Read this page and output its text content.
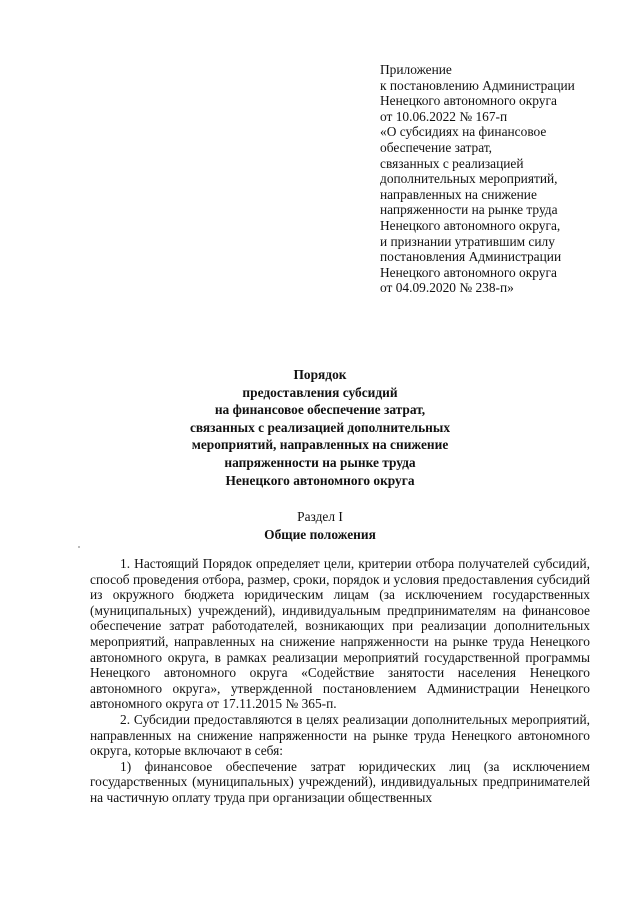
Приложение
к постановлению Администрации
Ненецкого автономного округа
от 10.06.2022 № 167-п
«О субсидиях на финансовое
обеспечение затрат,
связанных с реализацией
дополнительных мероприятий,
направленных на снижение
напряженности на рынке труда
Ненецкого автономного округа,
и признании утратившим силу
постановления Администрации
Ненецкого автономного округа
от 04.09.2020 № 238-п»
Порядок
предоставления субсидий
на финансовое обеспечение затрат,
связанных с реализацией дополнительных
мероприятий, направленных на снижение
напряженности на рынке труда
Ненецкого автономного округа
Раздел I
Общие положения

1. Настоящий Порядок определяет цели, критерии отбора получателей субсидий, способ проведения отбора, размер, сроки, порядок и условия предоставления субсидий из окружного бюджета юридическим лицам (за исключением государственных (муниципальных) учреждений), индивидуальным предпринимателям на финансовое обеспечение затрат работодателей, возникающих при реализации дополнительных мероприятий, направленных на снижение напряженности на рынке труда Ненецкого автономного округа, в рамках реализации мероприятий государственной программы Ненецкого автономного округа «Содействие занятости населения Ненецкого автономного округа», утвержденной постановлением Администрации Ненецкого автономного округа от 17.11.2015 № 365-п.

2. Субсидии предоставляются в целях реализации дополнительных мероприятий, направленных на снижение напряженности на рынке труда Ненецкого автономного округа, которые включают в себя:

1) финансовое обеспечение затрат юридических лиц (за исключением государственных (муниципальных) учреждений), индивидуальных предпринимателей на частичную оплату труда при организации общественных
